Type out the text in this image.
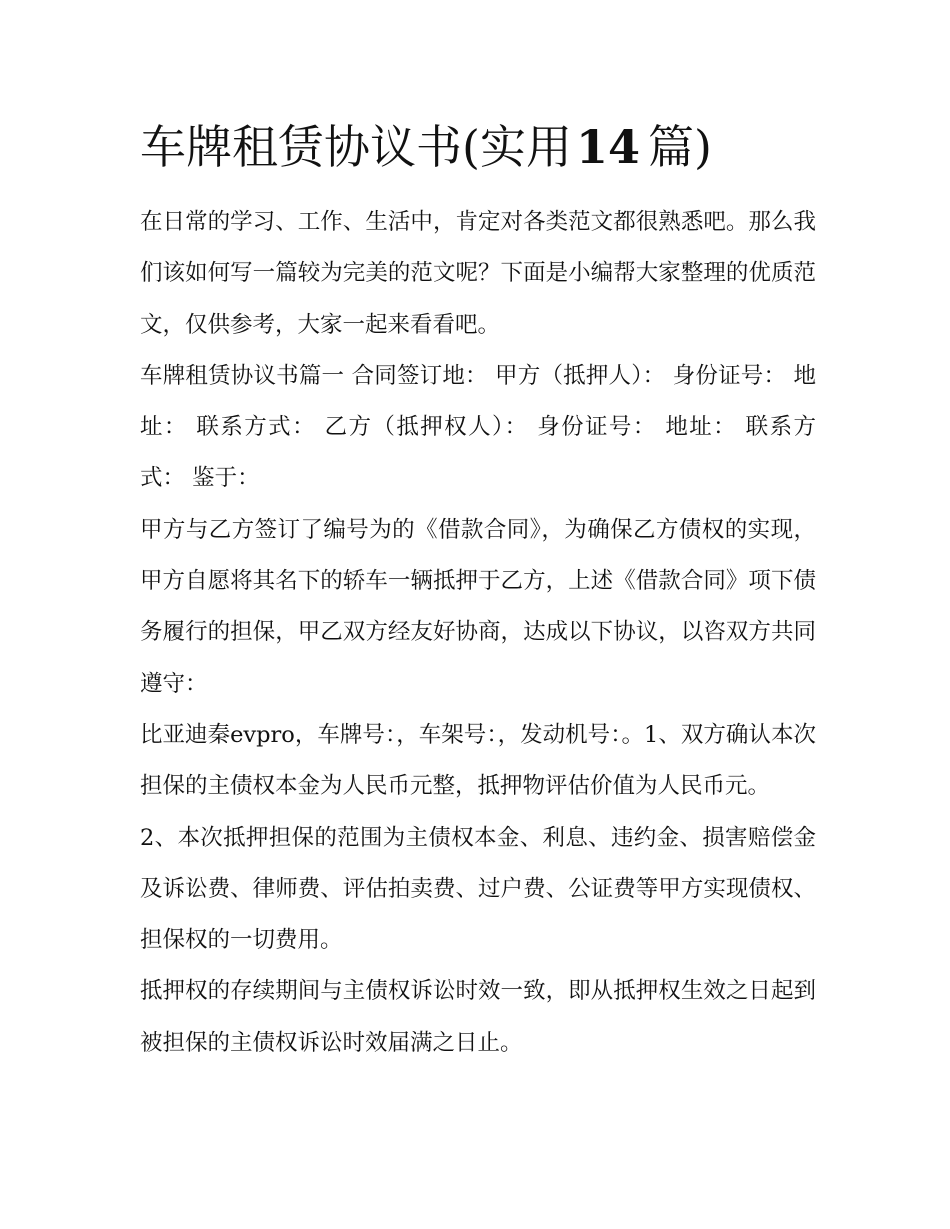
车牌租赁协议书(实用14 篇)

在日常的学习、工作、生活中，肯定对各类范文都很熟悉吧。那么我们该如何写一篇较为完美的范文呢？下面是小编帮大家整理的优质范文，仅供参考，大家一起来看看吧。

车牌租赁协议书篇一 合同签订地： 甲方（抵押人）： 身份证号： 地址： 联系方式： 乙方（抵押权人）： 身份证号： 地址： 联系方式： 鉴于：

甲方与乙方签订了编号为的《借款合同》，为确保乙方债权的实现，甲方自愿将其名下的轿车一辆抵押于乙方，上述《借款合同》项下债务履行的担保，甲乙双方经友好协商，达成以下协议，以咨双方共同遵守：

比亚迪秦evpro，车牌号：，车架号：，发动机号：。1、双方确认本次担保的主债权本金为人民币元整，抵押物评估价值为人民币元。

2、本次抵押担保的范围为主债权本金、利息、违约金、损害赔偿金及诉讼费、律师费、评估拍卖费、过户费、公证费等甲方实现债权、担保权的一切费用。

抵押权的存续期间与主债权诉讼时效一致，即从抵押权生效之日起到被担保的主债权诉讼时效届满之日止。
